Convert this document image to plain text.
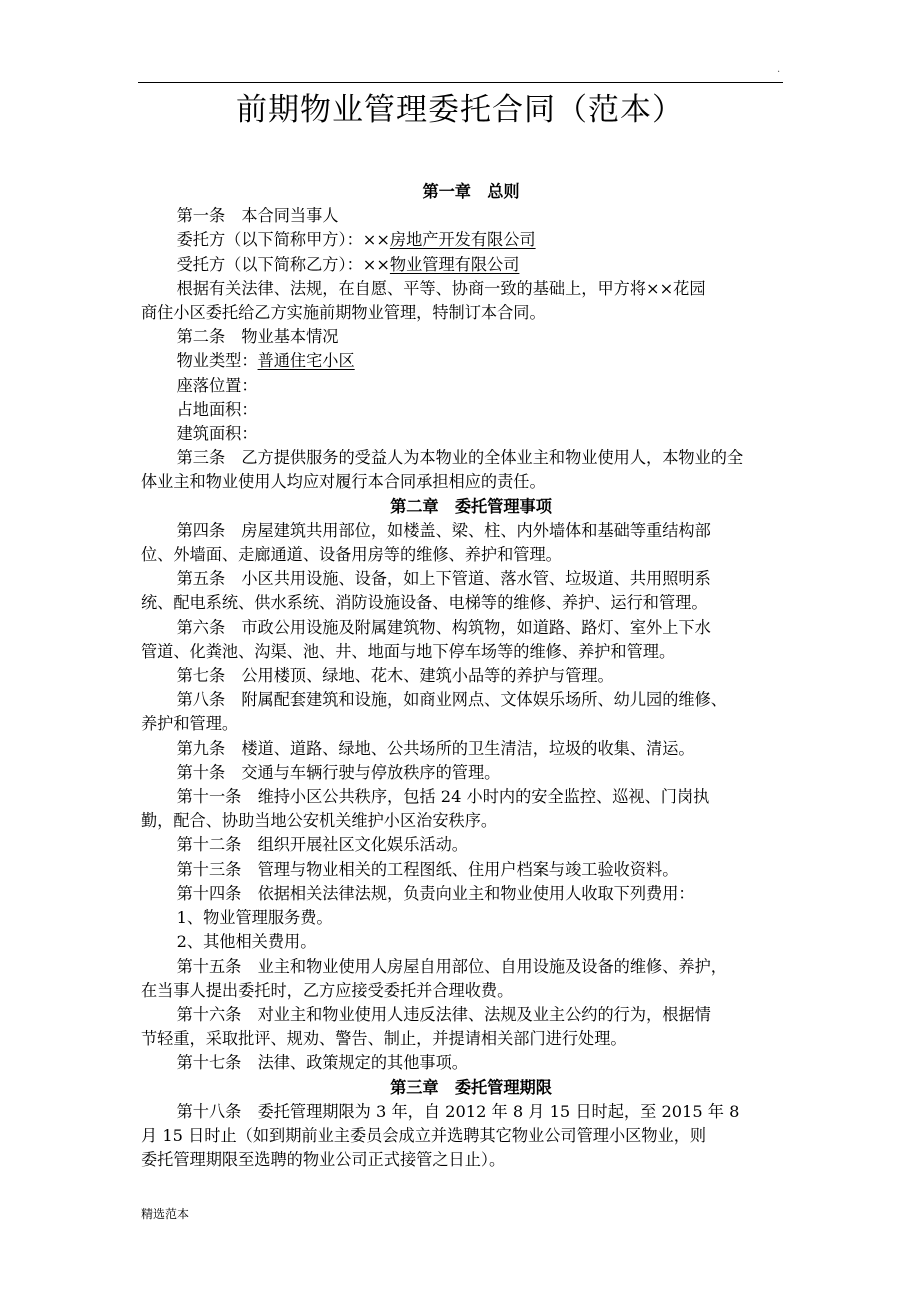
.
前期物业管理委托合同（范本）

第一章 总则

第一条 本合同当事人

委托方（以下简称甲方）：××房地产开发有限公司

受托方（以下简称乙方）：××物业管理有限公司

根据有关法律、法规，在自愿、平等、协商一致的基础上，甲方将××花园

商住小区委托给乙方实施前期物业管理，特制订本合同。

第二条 物业基本情况

物业类型：普通住宅小区

座落位置：

占地面积：

建筑面积：

第三条 乙方提供服务的受益人为本物业的全体业主和物业使用人，本物业的全

体业主和物业使用人均应对履行本合同承担相应的责任。

第二章 委托管理事项

第四条 房屋建筑共用部位，如楼盖、梁、柱、内外墙体和基础等重结构部

位、外墙面、走廊通道、设备用房等的维修、养护和管理。

第五条 小区共用设施、设备，如上下管道、落水管、垃圾道、共用照明系

统、配电系统、供水系统、消防设施设备、电梯等的维修、养护、运行和管理。

第六条 市政公用设施及附属建筑物、构筑物，如道路、路灯、室外上下水

管道、化粪池、沟渠、池、井、地面与地下停车场等的维修、养护和管理。

第七条 公用楼顶、绿地、花木、建筑小品等的养护与管理。

第八条 附属配套建筑和设施，如商业网点、文体娱乐场所、幼儿园的维修、

养护和管理。

第九条 楼道、道路、绿地、公共场所的卫生清洁，垃圾的收集、清运。

第十条 交通与车辆行驶与停放秩序的管理。

第十一条 维持小区公共秩序，包括 24 小时内的安全监控、巡视、门岗执

勤，配合、协助当地公安机关维护小区治安秩序。

第十二条 组织开展社区文化娱乐活动。

第十三条 管理与物业相关的工程图纸、住用户档案与竣工验收资料。

第十四条 依据相关法律法规，负责向业主和物业使用人收取下列费用：

1、物业管理服务费。

2、其他相关费用。

第十五条 业主和物业使用人房屋自用部位、自用设施及设备的维修、养护，

在当事人提出委托时，乙方应接受委托并合理收费。

第十六条 对业主和物业使用人违反法律、法规及业主公约的行为，根据情

节轻重，采取批评、规劝、警告、制止，并提请相关部门进行处理。

第十七条 法律、政策规定的其他事项。

第三章 委托管理期限

第十八条 委托管理期限为 3 年，自 2012 年 8 月 15 日时起，至 2015 年 8

月 15 日时止（如到期前业主委员会成立并选聘其它物业公司管理小区物业，则

委托管理期限至选聘的物业公司正式接管之日止）。

精选范本
